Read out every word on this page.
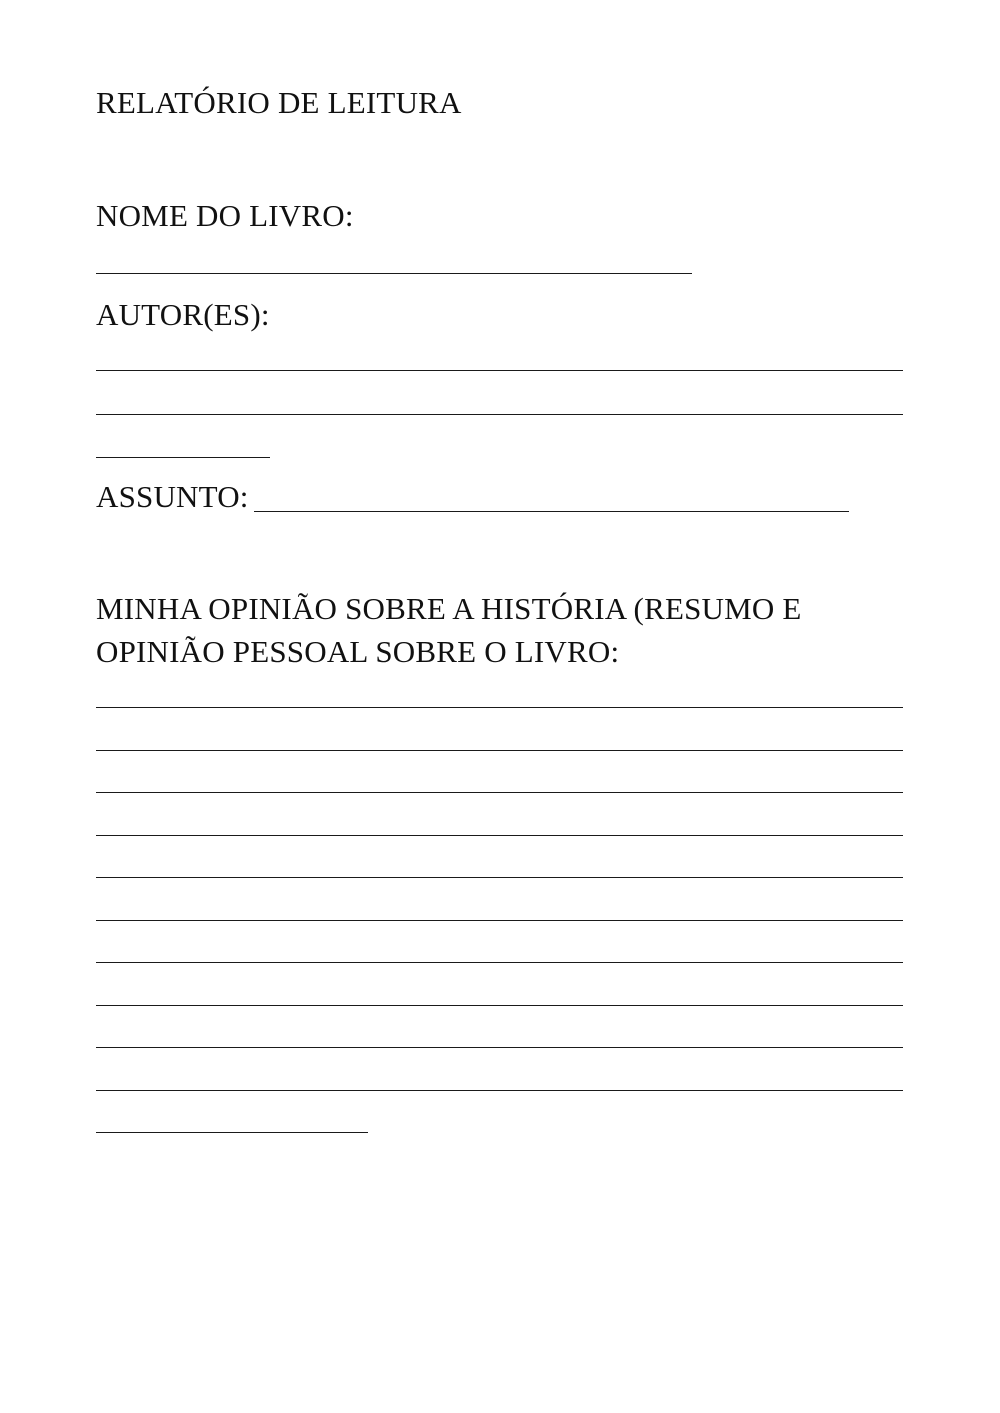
RELATÓRIO DE LEITURA
NOME DO LIVRO:
AUTOR(ES):
ASSUNTO:
MINHA OPINIÃO SOBRE A HISTÓRIA (RESUMO E
OPINIÃO PESSOAL SOBRE O LIVRO:
